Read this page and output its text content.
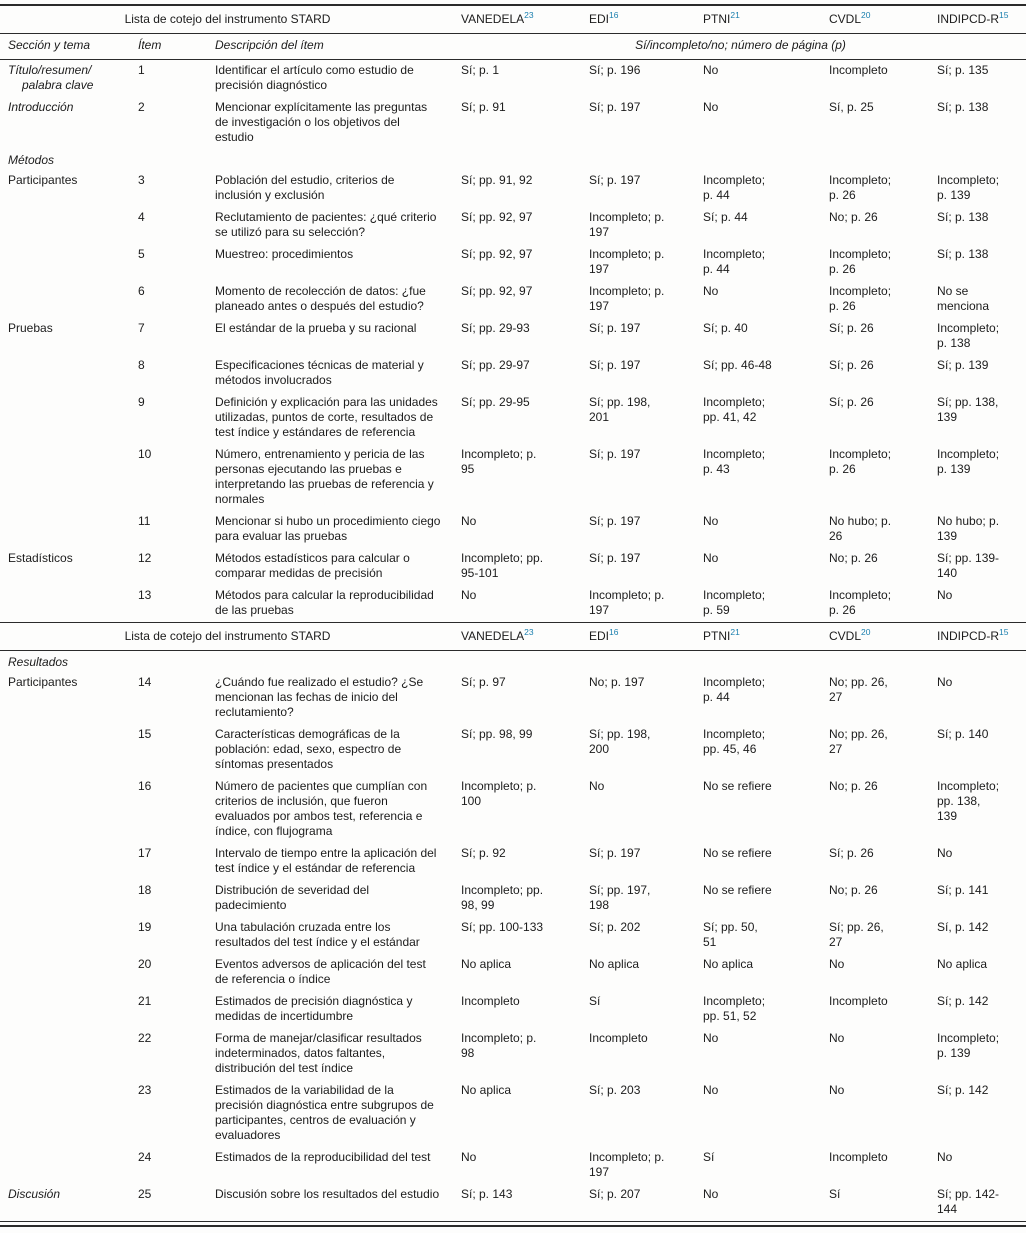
Lista de cotejo del instrumento STARD			VANEDELA$^{23}$	EDI$^{16}$	PTNI$^{21}$	CVDL$^{20}$	INDIPCD-R$^{15}$
Sección y tema	Ítem	Descripción del ítem	Sí/incompleto/no; número de página (p)				
Título/resumen/ palabra clave	1	Identificar el artículo como estudio de precisión diagnóstico	Sí; p. 1	Sí; p. 196	No	Incompleto	Sí; p. 135
Introducción	2	Mencionar explícitamente las preguntas de investigación o los objetivos del estudio	Sí; p. 91	Sí; p. 197	No	Sí, p. 25	Sí; p. 138
Métodos							
Participantes	3	Población del estudio, criterios de inclusión y exclusión	Sí; pp. 91, 92	Sí; p. 197	Incompleto; p. 44	Incompleto; p. 26	Incompleto; p. 139
	4	Reclutamiento de pacientes: ¿qué criterio se utilizó para su selección?	Sí; pp. 92, 97	Incompleto; p. 197	Sí; p. 44	No; p. 26	Sí; p. 138
	5	Muestreo: procedimientos	Sí; pp. 92, 97	Incompleto; p. 197	Incompleto; p. 44	Incompleto; p. 26	Sí; p. 138
	6	Momento de recolección de datos: ¿fue planeado antes o después del estudio?	Sí; pp. 92, 97	Incompleto; p. 197	No	Incompleto; p. 26	No se menciona
Pruebas	7	El estándar de la prueba y su racional	Sí; pp. 29-93	Sí; p. 197	Sí; p. 40	Sí; p. 26	Incompleto; p. 138
	8	Especificaciones técnicas de material y métodos involucrados	Sí; pp. 29-97	Sí; p. 197	Sí; pp. 46-48	Sí; p. 26	Sí; p. 139
	9	Definición y explicación para las unidades utilizadas, puntos de corte, resultados de test índice y estándares de referencia	Sí; pp. 29-95	Sí; pp. 198, 201	Incompleto; pp. 41, 42	Sí; p. 26	Sí; pp. 138, 139
	10	Número, entrenamiento y pericia de las personas ejecutando las pruebas e interpretando las pruebas de referencia y normales	Incompleto; p. 95	Sí; p. 197	Incompleto; p. 43	Incompleto; p. 26	Incompleto; p. 139
	11	Mencionar si hubo un procedimiento ciego para evaluar las pruebas	No	Sí; p. 197	No	No hubo; p. 26	No hubo; p. 139
Estadísticos	12	Métodos estadísticos para calcular o comparar medidas de precisión	Incompleto; pp. 95-101	Sí; p. 197	No	No; p. 26	Sí; pp. 139-140
	13	Métodos para calcular la reproducibilidad de las pruebas	No	Incompleto; p. 197	Incompleto; p. 59	Incompleto; p. 26	No
Lista de cotejo del instrumento STARD			VANEDELA$^{23}$	EDI$^{16}$	PTNI$^{21}$	CVDL$^{20}$	INDIPCD-R$^{15}$
Resultados							
Participantes	14	¿Cuándo fue realizado el estudio? ¿Se mencionan las fechas de inicio del reclutamiento?	Sí; p. 97	No; p. 197	Incompleto; p. 44	No; pp. 26, 27	No
	15	Características demográficas de la población: edad, sexo, espectro de síntomas presentados	Sí; pp. 98, 99	Sí; pp. 198, 200	Incompleto; pp. 45, 46	No; pp. 26, 27	Sí; p. 140
	16	Número de pacientes que cumplían con criterios de inclusión, que fueron evaluados por ambos test, referencia e índice, con flujograma	Incompleto; p. 100	No	No se refiere	No; p. 26	Incompleto; pp. 138, 139
	17	Intervalo de tiempo entre la aplicación del test índice y el estándar de referencia	Sí; p. 92	Sí; p. 197	No se refiere	Sí; p. 26	No
	18	Distribución de severidad del padecimiento	Incompleto; pp. 98, 99	Sí; pp. 197, 198	No se refiere	No; p. 26	Sí; p. 141
	19	Una tabulación cruzada entre los resultados del test índice y el estándar	Sí; pp. 100-133	Sí; p. 202	Sí; pp. 50, 51	Sí; pp. 26, 27	Sí, p. 142
	20	Eventos adversos de aplicación del test de referencia o índice	No aplica	No aplica	No aplica	No	No aplica
	21	Estimados de precisión diagnóstica y medidas de incertidumbre	Incompleto	Sí	Incompleto; pp. 51, 52	Incompleto	Sí; p. 142
	22	Forma de manejar/clasificar resultados indeterminados, datos faltantes, distribución del test índice	Incompleto; p. 98	Incompleto	No	No	Incompleto; p. 139
	23	Estimados de la variabilidad de la precisión diagnóstica entre subgrupos de participantes, centros de evaluación y evaluadores	No aplica	Sí; p. 203	No	No	Sí; p. 142
	24	Estimados de la reproducibilidad del test	No	Incompleto; p. 197	Sí	Incompleto	No
Discusión	25	Discusión sobre los resultados del estudio	Sí; p. 143	Sí; p. 207	No	Sí	Sí; pp. 142-144
